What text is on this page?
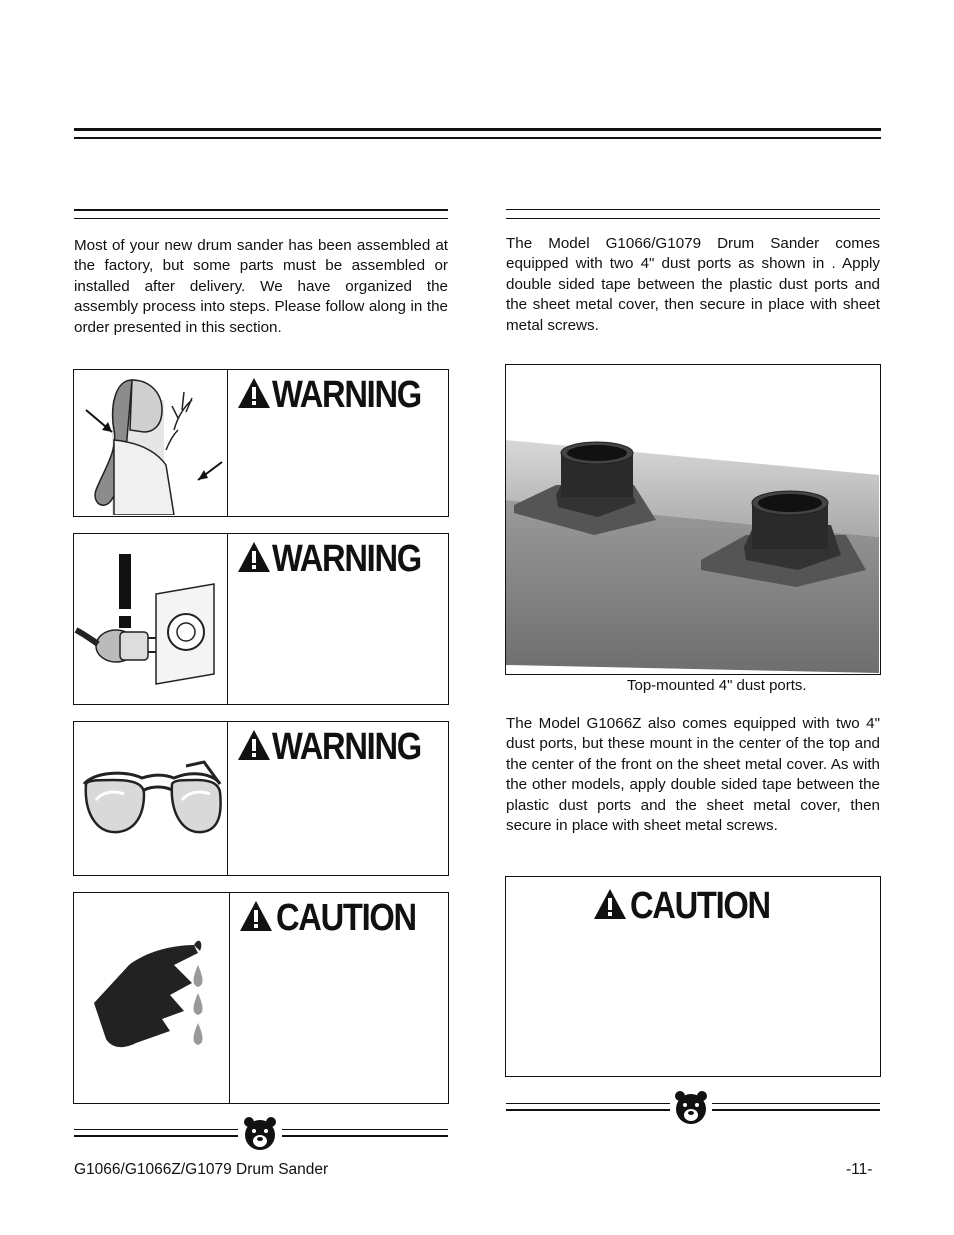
Most of your new drum sander has been assembled at the factory, but some parts must be assembled or installed after delivery. We have organized the assembly process into steps. Please follow along in the order presented in this section.

WARNING
WARNING
WARNING
CAUTION

The Model G1066/G1079 Drum Sander comes equipped with two 4" dust ports as shown in . Apply double sided tape between the plastic dust ports and the sheet metal cover, then secure in place with sheet metal screws.

Top-mounted 4" dust ports.

The Model G1066Z also comes equipped with two 4" dust ports, but these mount in the center of the top and the center of the front on the sheet metal cover. As with the other models, apply double sided tape between the plastic dust ports and the sheet metal cover, then secure in place with sheet metal screws.

CAUTION
G1066/G1066Z/G1079 Drum Sander	-11-
